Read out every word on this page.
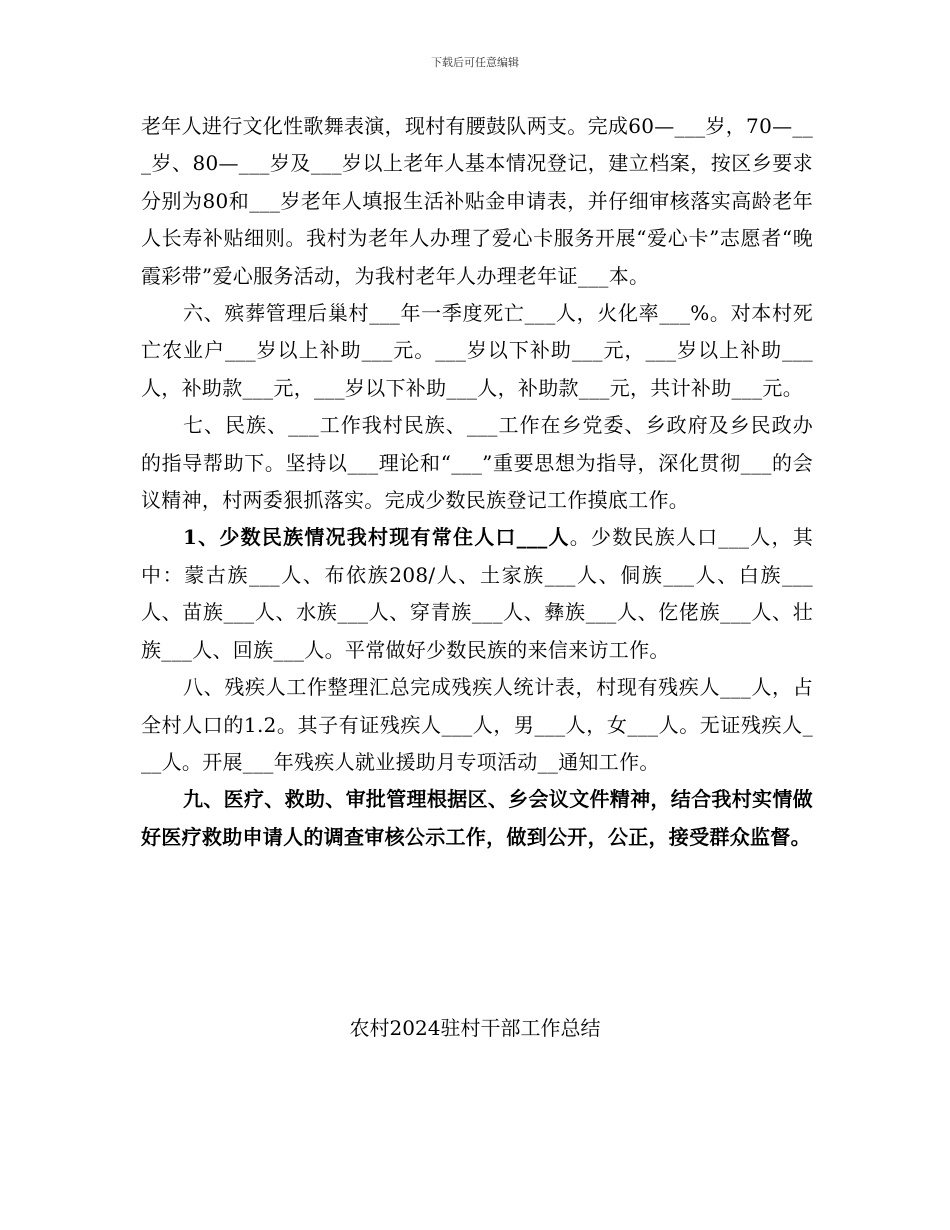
下载后可任意编辑

老年人进行文化性歌舞表演，现村有腰鼓队两支。完成60—___岁，70—___岁、80—___岁及___岁以上老年人基本情况登记，建立档案，按区乡要求分别为80和___岁老年人填报生活补贴金申请表，并仔细审核落实高龄老年人长寿补贴细则。我村为老年人办理了爱心卡服务开展“爱心卡”志愿者“晚霞彩带”爱心服务活动，为我村老年人办理老年证___本。

六、殡葬管理后巢村___年一季度死亡___人，火化率___%。对本村死亡农业户___岁以上补助___元。___岁以下补助___元，___岁以上补助___人，补助款___元，___岁以下补助___人，补助款___元，共计补助___元。

七、民族、___工作我村民族、___工作在乡党委、乡政府及乡民政办的指导帮助下。坚持以___理论和“___”重要思想为指导，深化贯彻___的会议精神，村两委狠抓落实。完成少数民族登记工作摸底工作。

1、少数民族情况我村现有常住人口___人。少数民族人口___人，其中：蒙古族___人、布依族208/人、土家族___人、侗族___人、白族___人、苗族___人、水族___人、穿青族___人、彝族___人、仡佬族___人、壮族___人、回族___人。平常做好少数民族的来信来访工作。

八、残疾人工作整理汇总完成残疾人统计表，村现有残疾人___人，占全村人口的1.2。其子有证残疾人___人，男___人，女___人。无证残疾人___人。开展___年残疾人就业援助月专项活动__通知工作。

九、医疗、救助、审批管理根据区、乡会议文件精神，结合我村实情做好医疗救助申请人的调查审核公示工作，做到公开，公正，接受群众监督。

农村2024驻村干部工作总结
